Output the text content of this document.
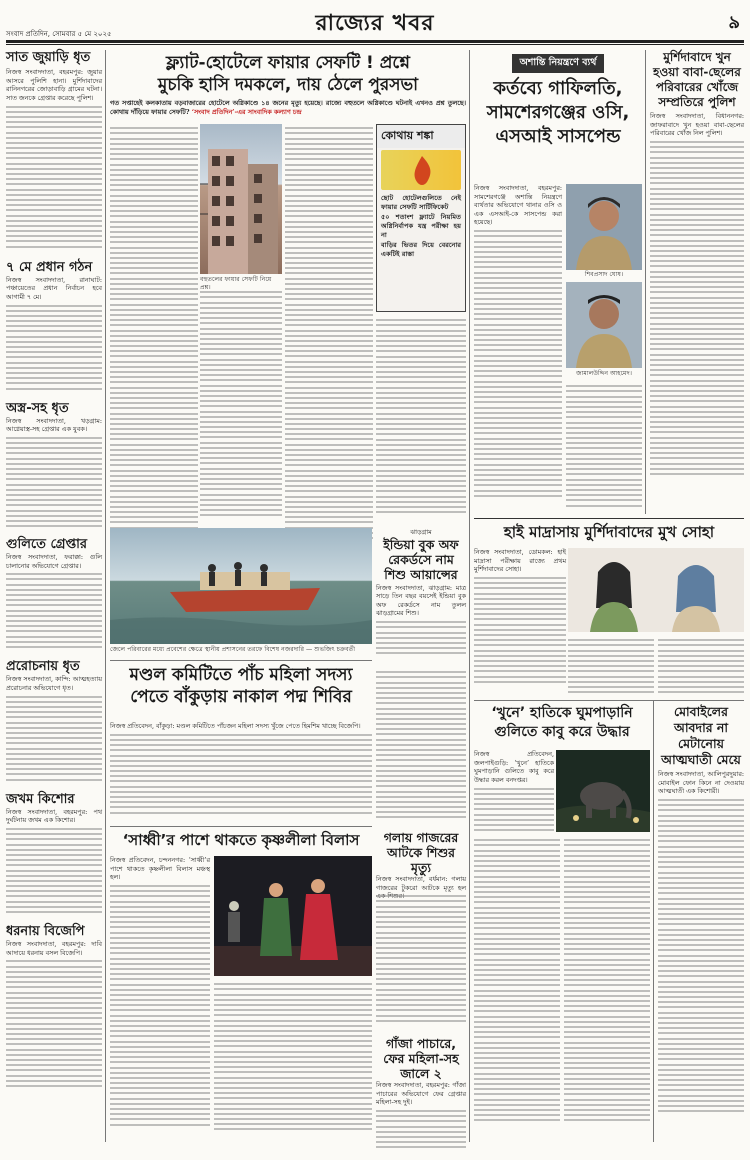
রাজ্যের খবর
সংবাদ প্রতিদিন, সোমবার ৫ মে ২০২৫
৯
সাত জুয়াড়ি ধৃত
নিজস্ব সংবাদদাতা, বহরমপুর: জুয়ার আসরে পুলিশি হানা। মুর্শিদাবাদের রানিনগরের জোড়াবাড়ি গ্রামের ঘটনা। সাত জনকে গ্রেপ্তার করেছে পুলিশ।
৭ মে প্রধান গঠন
নিজস্ব সংবাদদাতা, রানাঘাট: পঞ্চায়েতের প্রধান নির্বাচন হবে আগামী ৭ মে।
অস্ত্র-সহ ধৃত
নিজস্ব সংবাদদাতা, খড়গ্রাম: আগ্নেয়াস্ত্র-সহ গ্রেপ্তার এক যুবক।
গুলিতে গ্রেপ্তার
নিজস্ব সংবাদদাতা, ফরাক্কা: গুলি চালানোর অভিযোগে গ্রেপ্তার।
প্ররোচনায় ধৃত
নিজস্ব সংবাদদাতা, কান্দি: আত্মহত্যায় প্ররোচনার অভিযোগে ধৃত।
জখম কিশোর
নিজস্ব সংবাদদাতা, বহরমপুর: পথ দুর্ঘটনায় জখম এক কিশোর।
ধরনায় বিজেপি
নিজস্ব সংবাদদাতা, বহরমপুর: দাবি আদায়ে ধরনায় বসল বিজেপি।
ফ্ল্যাট-হোটেলে ফায়ার সেফটি ! প্রশ্নে
মুচকি হাসি দমকলে, দায় ঠেলে পুরসভা
গত সপ্তাহেই কলকাতায় বড়বাজারের হোটেলে অগ্নিকাণ্ডে ১৪ জনের মৃত্যু হয়েছে। রাজ্যে বহুতলে অগ্নিকাণ্ডে ঘটনাই এখনও প্রশ্ন তুলছে। কোথায় দাঁড়িয়ে ফায়ার সেফটি? ‘সংবাদ প্রতিদিন’-এর সাংবাদিক কল্যাণ চন্দ্র
বহুতলের ফায়ার সেফটি নিয়ে প্রশ্ন।
কোথায় শঙ্কা

ছোট হোটেলগুলিতে নেই ফায়ার সেফটি সার্টিফিকেট

৫০ শতাংশ ফ্ল্যাটে নিয়মিত অগ্নিনির্বাপক যন্ত্র পরীক্ষা হয় না

বাড়ির ভিতর দিয়ে বেরনোর একটিই রাস্তা

জেলে পরিবারের মধ্যে প্রবেশের ক্ষেত্রে স্থানীয় প্রশাসনের তরফে বিশেষ নজরদারি — শুভজিৎ চক্রবর্তী
ঝাড়গ্রাম
ইন্ডিয়া বুক অফ রেকর্ডসে নাম শিশু আয়ান্সের
নিজস্ব সংবাদদাতা, ঝাড়গ্রাম: মাত্র সাড়ে তিন বছর বয়সেই ইন্ডিয়া বুক অফ রেকর্ডসে নাম তুলল ঝাড়গ্রামের শিশু।
মণ্ডল কমিটিতে পাঁচ মহিলা সদস্য
পেতে বাঁকুড়ায় নাকাল পদ্ম শিবির
নিজস্ব প্রতিবেদন, বাঁকুড়া: মণ্ডল কমিটিতে পাঁচজন মহিলা সদস্য খুঁজে পেতে হিমশিম খাচ্ছে বিজেপি।
‘সাধ্বী’র পাশে থাকতে কৃষ্ণলীলা বিলাস
নিজস্ব প্রতিবেদন, চন্দননগর: ‘সাধ্বী’র পাশে থাকতে কৃষ্ণলীলা বিলাস মঞ্চস্থ হল।
গলায় গাজরের আটকে শিশুর মৃত্যু
নিজস্ব সংবাদদাতা, বর্ধমান: গলায় গাজরের টুকরো আটকে মৃত্যু হল
গাঁজা পাচারে, ফের মহিলা-সহ জালে ২
নিজস্ব সংবাদদাতা, বহরমপুর: গাঁজা পাচারের অভিযোগে ফের গ্রেপ্তার মহিলা-সহ দুই।
অশান্তি নিয়ন্ত্রণে ব্যর্থ
কর্তব্যে গাফিলতি, সামশেরগঞ্জের ওসি, এসআই সাসপেন্ড
নিজস্ব সংবাদদাতা, বহরমপুর: সামশেরগঞ্জে অশান্তি নিয়ন্ত্রণে ব্যর্থতার অভিযোগে থানার ওসি ও এক এসআই-কে সাসপেন্ড করা হয়েছে।
শিবপ্রসাদ ঘোষ।
জামালউদ্দিন আহমেদ।
মুর্শিদাবাদে খুন হওয়া বাবা-ছেলের পরিবারের খোঁজে সম্প্রতিরে পুলিশ
নিজস্ব সংবাদদাতা, বিধাননগর: জাফরাবাদে খুন হওয়া বাবা-ছেলের পরিবারের খোঁজ নিল পুলিশ।
হাই মাদ্রাসায় মুর্শিদাবাদের মুখ সোহা
নিজস্ব সংবাদদাতা, ডোমকল: হাই মাদ্রাসা পরীক্ষায় রাজ্যে প্রথম মুর্শিদাবাদের সোহা।
‘খুনে’ হাতিকে ঘুমপাড়ানি গুলিতে কাবু করে উদ্ধার
নিজস্ব প্রতিবেদন, জলপাইগুড়ি: ‘খুনে’ হাতিকে ঘুমপাড়ানি গুলিতে কাবু করে উদ্ধার করল বনদপ্তর।
মোবাইলের আবদার না মেটানোয় আত্মঘাতী মেয়ে
নিজস্ব সংবাদদাতা, আলিপুরদুয়ার: মোবাইল ফোন কিনে না দেওয়ায় আত্মঘাতী এক কিশোরী।
